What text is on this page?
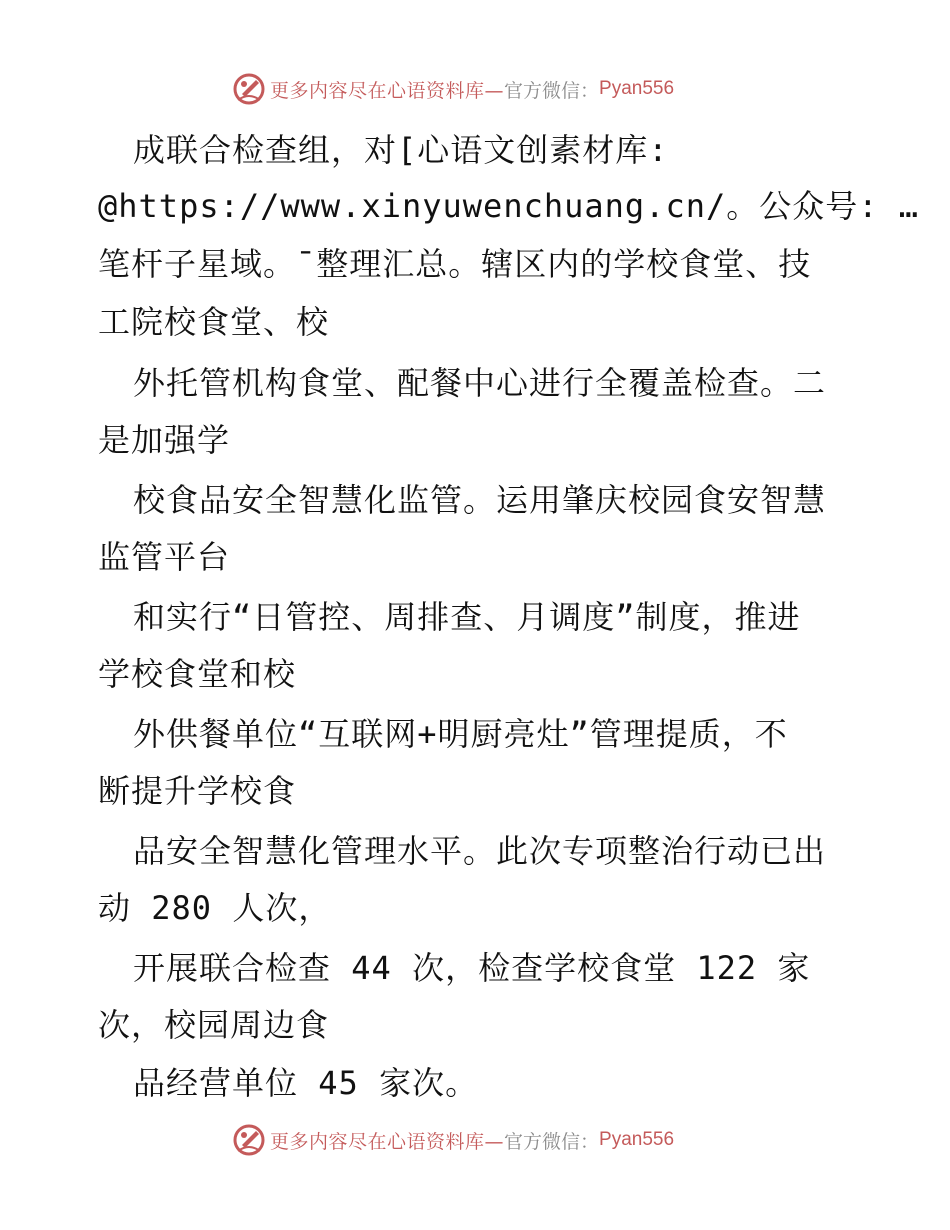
更多内容尽在心语资料库— 官方微信： Pyan556
　成联合检查组，对[心语文创素材库:
@https://www.xinyuwenchuang.cn/。公众号: …
笔杆子星域。¯整理汇总。辖区内的学校食堂、技
工院校食堂、校
　外托管机构食堂、配餐中心进行全覆盖检查。二
是加强学
　校食品安全智慧化监管。运用肇庆校园食安智慧
监管平台
　和实行“日管控、周排查、月调度”制度，推进
学校食堂和校
　外供餐单位“互联网+明厨亮灶”管理提质，不
断提升学校食
　品安全智慧化管理水平。此次专项整治行动已出
动 280 人次，
　开展联合检查 44 次，检查学校食堂 122 家
次，校园周边食
　品经营单位 45 家次。
更多内容尽在心语资料库— 官方微信： Pyan556
